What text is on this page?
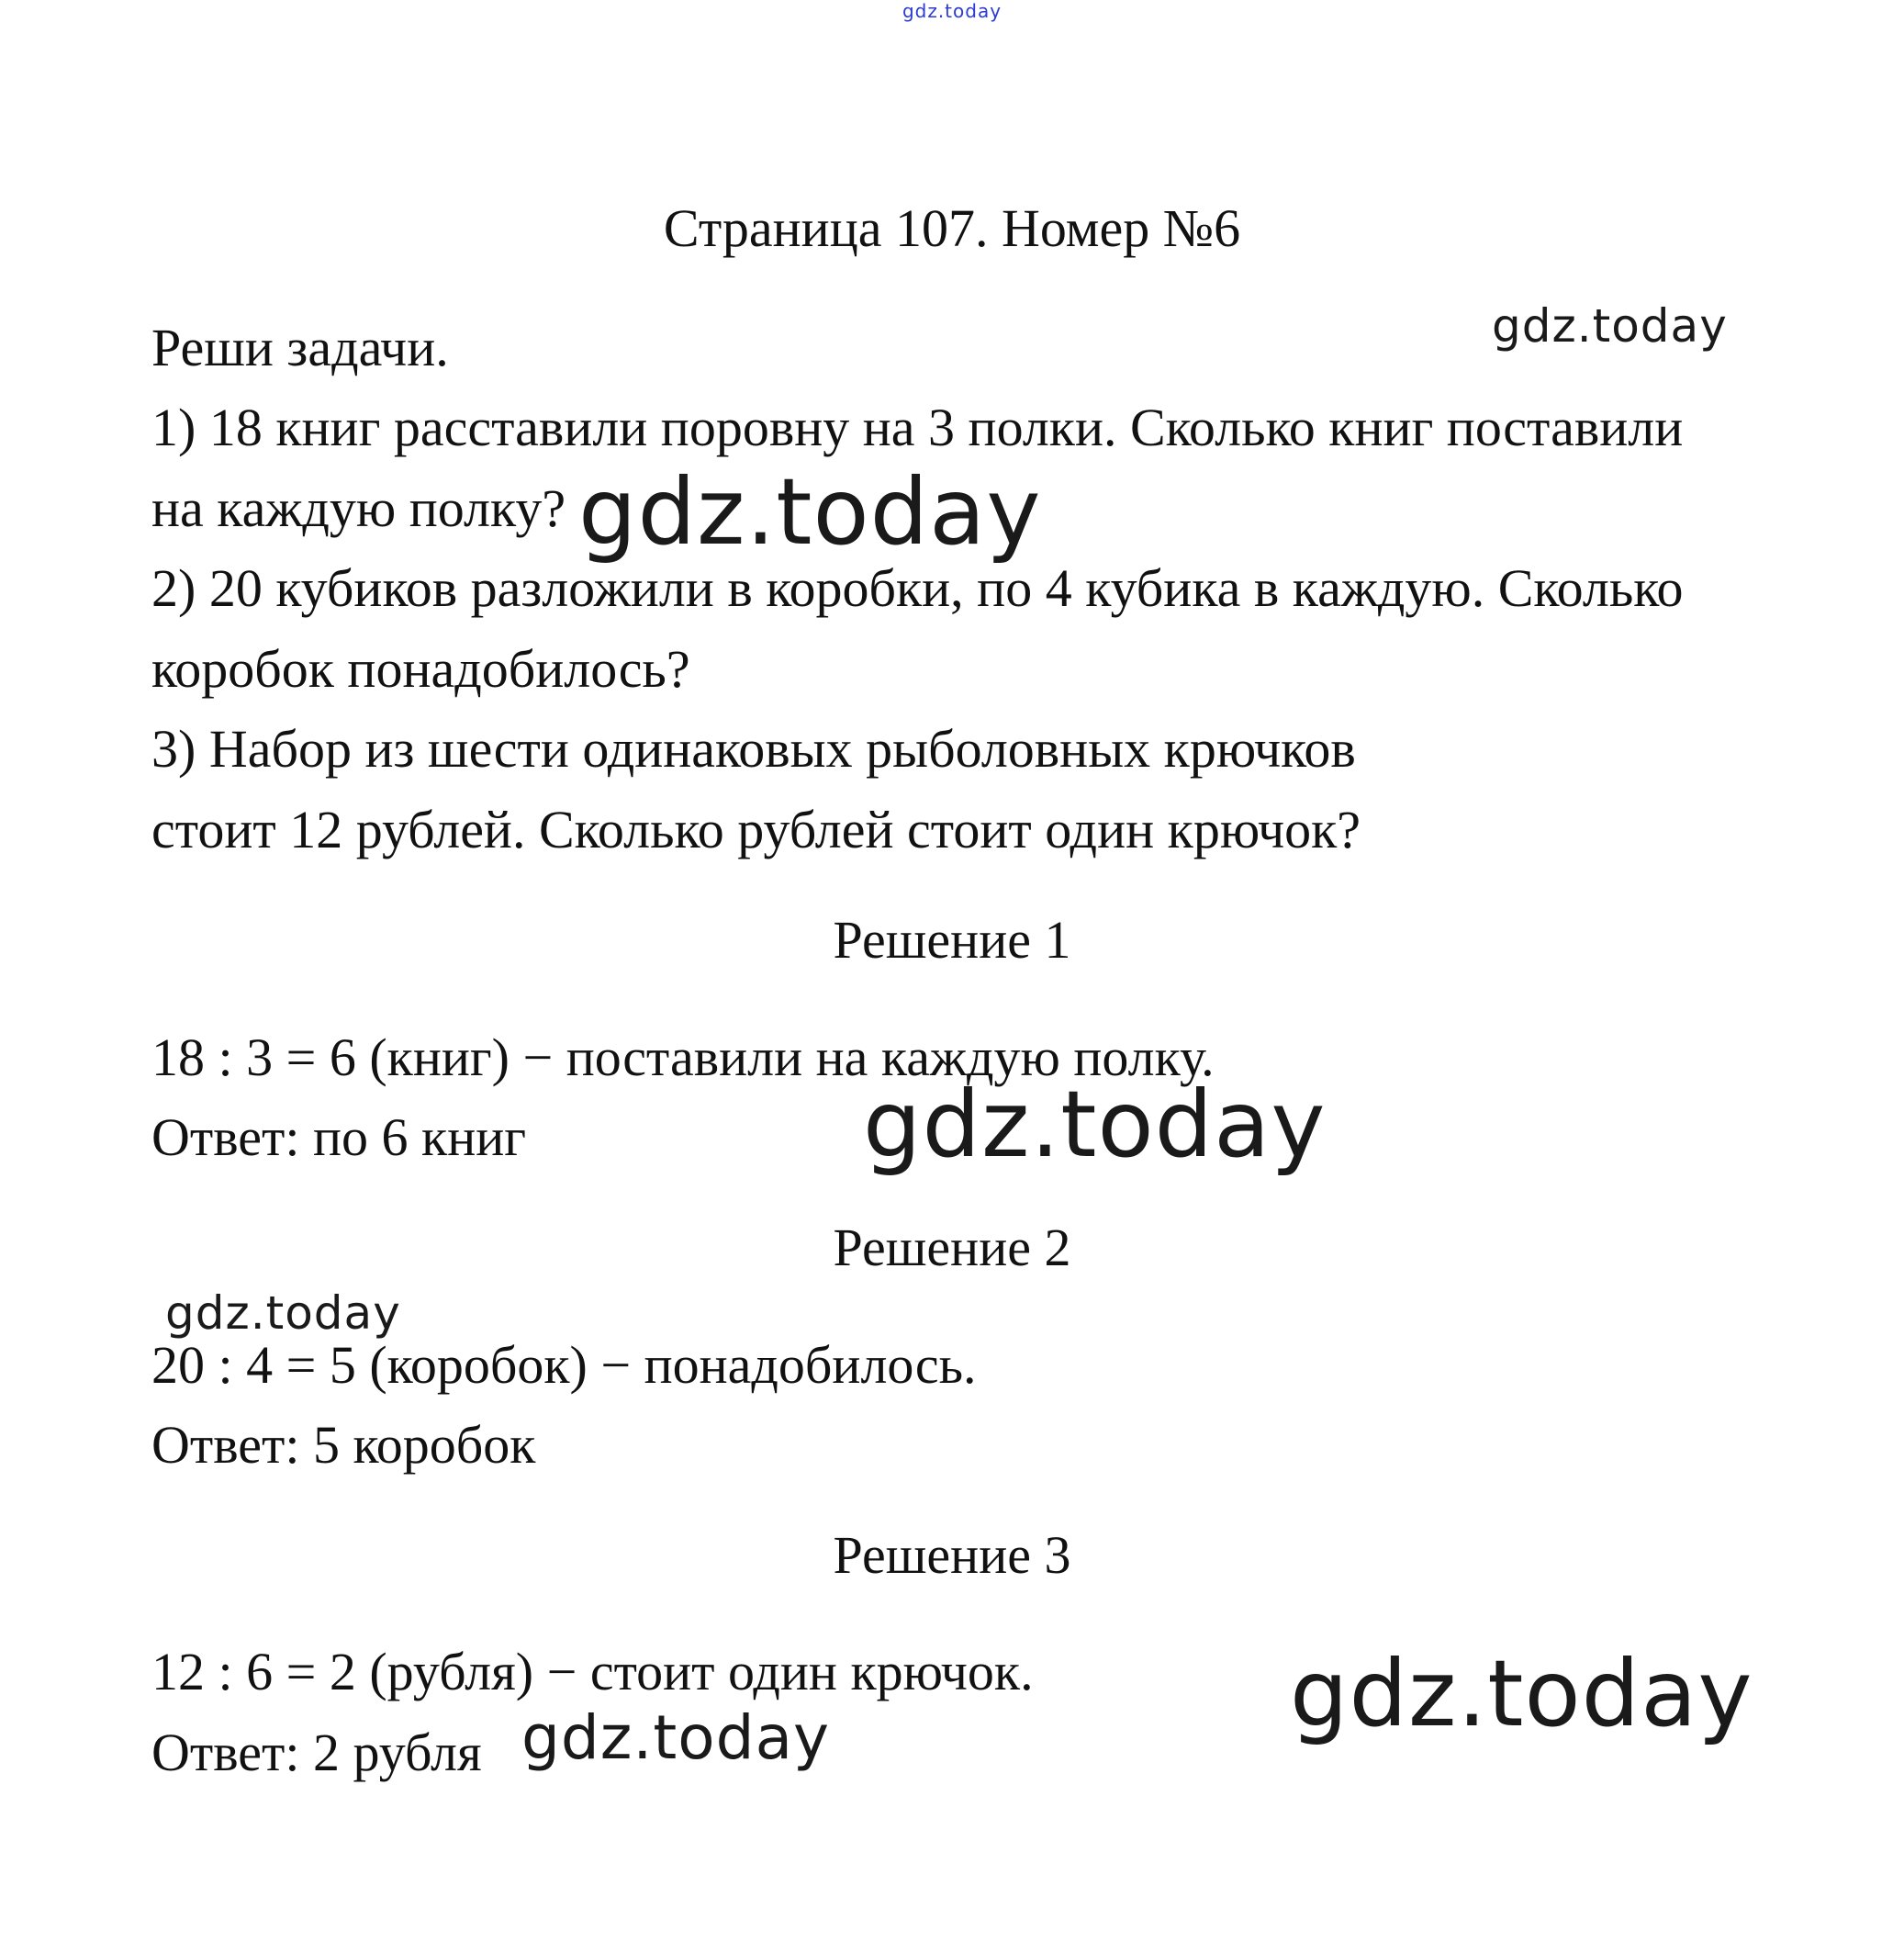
gdz.today
Страница 107. Номер №6
Реши задачи.	gdz.today
1) 18 книг расставили поровну на 3 полки. Сколько книг поставили
на каждую полку? gdz.today
2) 20 кубиков разложили в коробки, по 4 кубика в каждую. Сколько
коробок понадобилось?
3) Набор из шести одинаковых рыболовных крючков
стоит 12 рублей. Сколько рублей стоит один крючок?
Решение 1
18 : 3 = 6 (книг) − поставили на каждую полку.
Ответ: по 6 книг	gdz.today
Решение 2
gdz.today
20 : 4 = 5 (коробок) − понадобилось.
Ответ: 5 коробок
Решение 3
12 : 6 = 2 (рубля) − стоит один крючок.	gdz.today
Ответ: 2 рубля gdz.today
